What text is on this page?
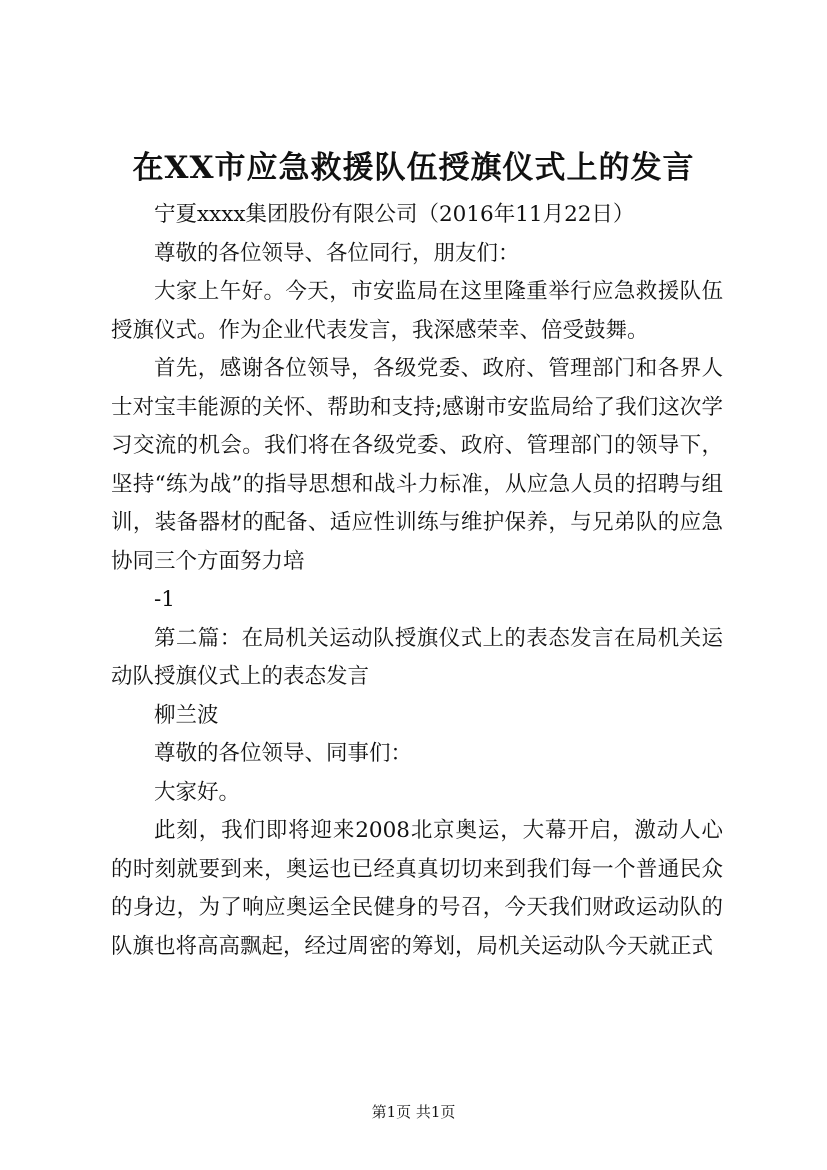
在XX市应急救援队伍授旗仪式上的发言

宁夏xxxx集团股份有限公司（2016年11月22日）

尊敬的各位领导、各位同行，朋友们：

大家上午好。今天，市安监局在这里隆重举行应急救援队伍授旗仪式。作为企业代表发言，我深感荣幸、倍受鼓舞。

首先，感谢各位领导，各级党委、政府、管理部门和各界人士对宝丰能源的关怀、帮助和支持;感谢市安监局给了我们这次学习交流的机会。我们将在各级党委、政府、管理部门的领导下，坚持“练为战”的指导思想和战斗力标准，从应急人员的招聘与组训，装备器材的配备、适应性训练与维护保养，与兄弟队的应急协同三个方面努力培

-1

第二篇：在局机关运动队授旗仪式上的表态发言在局机关运动队授旗仪式上的表态发言

柳兰波

尊敬的各位领导、同事们：

大家好。

此刻，我们即将迎来2008北京奥运，大幕开启，激动人心的时刻就要到来，奥运也已经真真切切来到我们每一个普通民众的身边，为了响应奥运全民健身的号召，今天我们财政运动队的队旗也将高高飘起，经过周密的筹划，局机关运动队今天就正式

第1页 共1页
